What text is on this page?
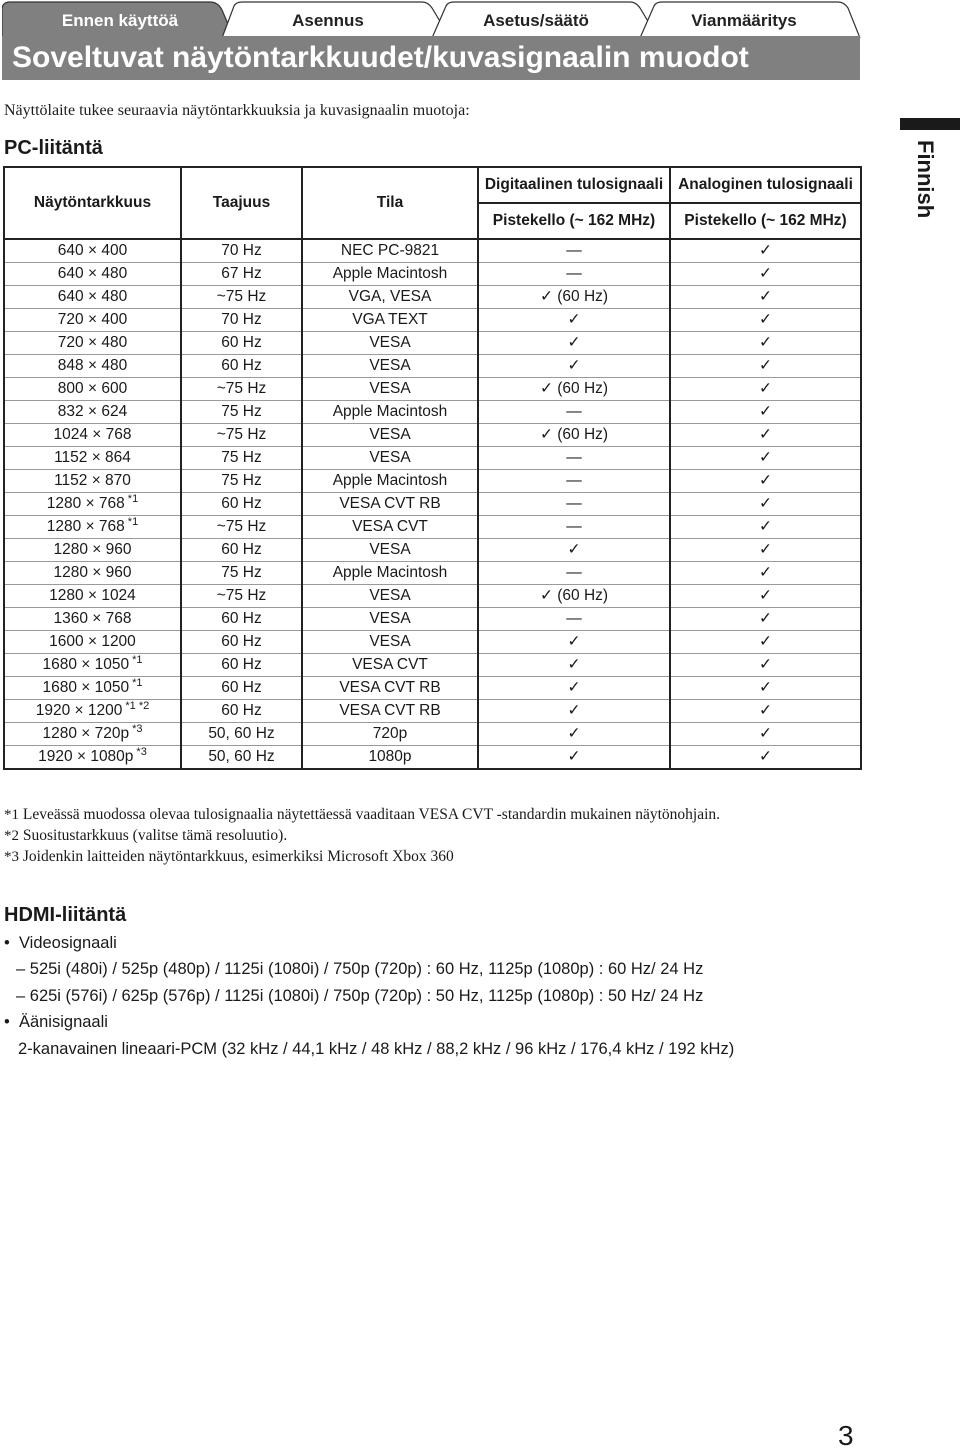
Ennen käyttöä	Asennus	Asetus/säätö	Vianmääritys
Soveltuvat näytöntarkkuudet/kuvasignaalin muodot
Finnish
Näyttölaite tukee seuraavia näytöntarkkuuksia ja kuvasignaalin muotoja:
PC-liitäntä
Näytöntarkkuus	Taajuus	Tila	Digitaalinen tulosignaali	Analoginen tulosignaali
			Pistekello (~ 162 MHz)	Pistekello (~ 162 MHz)
640 × 400	70 Hz	NEC PC-9821	—	✓
640 × 480	67 Hz	Apple Macintosh	—	✓
640 × 480	~75 Hz	VGA, VESA	✓ (60 Hz)	✓
720 × 400	70 Hz	VGA TEXT	✓	✓
720 × 480	60 Hz	VESA	✓	✓
848 × 480	60 Hz	VESA	✓	✓
800 × 600	~75 Hz	VESA	✓ (60 Hz)	✓
832 × 624	75 Hz	Apple Macintosh	—	✓
1024 × 768	~75 Hz	VESA	✓ (60 Hz)	✓
1152 × 864	75 Hz	VESA	—	✓
1152 × 870	75 Hz	Apple Macintosh	—	✓
1280 × 768 $^{*1}$	60 Hz	VESA CVT RB	—	✓
1280 × 768 $^{*1}$	~75 Hz	VESA CVT	—	✓
1280 × 960	60 Hz	VESA	✓	✓
1280 × 960	75 Hz	Apple Macintosh	—	✓
1280 × 1024	~75 Hz	VESA	✓ (60 Hz)	✓
1360 × 768	60 Hz	VESA	—	✓
1600 × 1200	60 Hz	VESA	✓	✓
1680 × 1050 $^{*1}$	60 Hz	VESA CVT	✓	✓
1680 × 1050 $^{*1}$	60 Hz	VESA CVT RB	✓	✓
1920 × 1200 $^{*1 *2}$	60 Hz	VESA CVT RB	✓	✓
1280 × 720p $^{*3}$	50, 60 Hz	720p	✓	✓
1920 × 1080p $^{*3}$	50, 60 Hz	1080p	✓	✓
*1 Leveässä muodossa olevaa tulosignaalia näytettäessä vaaditaan VESA CVT -standardin mukainen näytönohjain.
*2 Suositustarkkuus (valitse tämä resoluutio).
*3 Joidenkin laitteiden näytöntarkkuus, esimerkiksi Microsoft Xbox 360
HDMI-liitäntä
•  Videosignaali
– 525i (480i) / 525p (480p) / 1125i (1080i) / 750p (720p) : 60 Hz, 1125p (1080p) : 60 Hz/ 24 Hz
– 625i (576i) / 625p (576p) / 1125i (1080i) / 750p (720p) : 50 Hz, 1125p (1080p) : 50 Hz/ 24 Hz
•  Äänisignaali
2-kanavainen lineaari-PCM (32 kHz / 44,1 kHz / 48 kHz / 88,2 kHz / 96 kHz / 176,4 kHz / 192 kHz)
3
